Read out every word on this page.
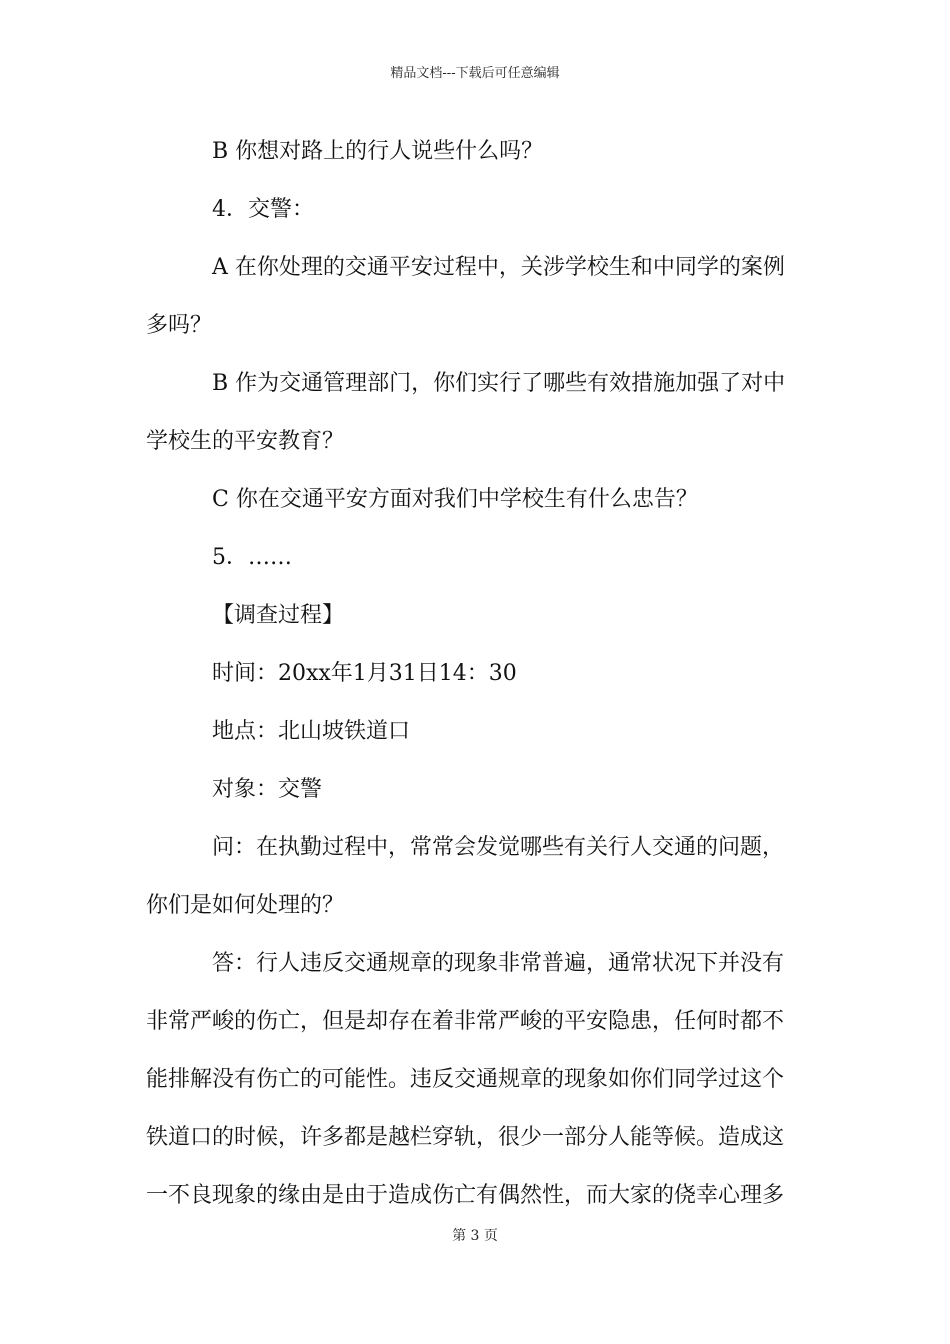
精品文档---下载后可任意编辑
B 你想对路上的行人说些什么吗？
4．交警：
A 在你处理的交通平安过程中，关涉学校生和中同学的案例
多吗？
B 作为交通管理部门，你们实行了哪些有效措施加强了对中
学校生的平安教育？
C 你在交通平安方面对我们中学校生有什么忠告？
5．……
【调查过程】
时间：20xx年1月31日14：30
地点：北山坡铁道口
对象：交警
问：在执勤过程中，常常会发觉哪些有关行人交通的问题，
你们是如何处理的？
答：行人违反交通规章的现象非常普遍，通常状况下并没有
非常严峻的伤亡，但是却存在着非常严峻的平安隐患，任何时都不
能排解没有伤亡的可能性。违反交通规章的现象如你们同学过这个
铁道口的时候，许多都是越栏穿轨，很少一部分人能等候。造成这
一不良现象的缘由是由于造成伤亡有偶然性，而大家的侥幸心理多
第 3 页
